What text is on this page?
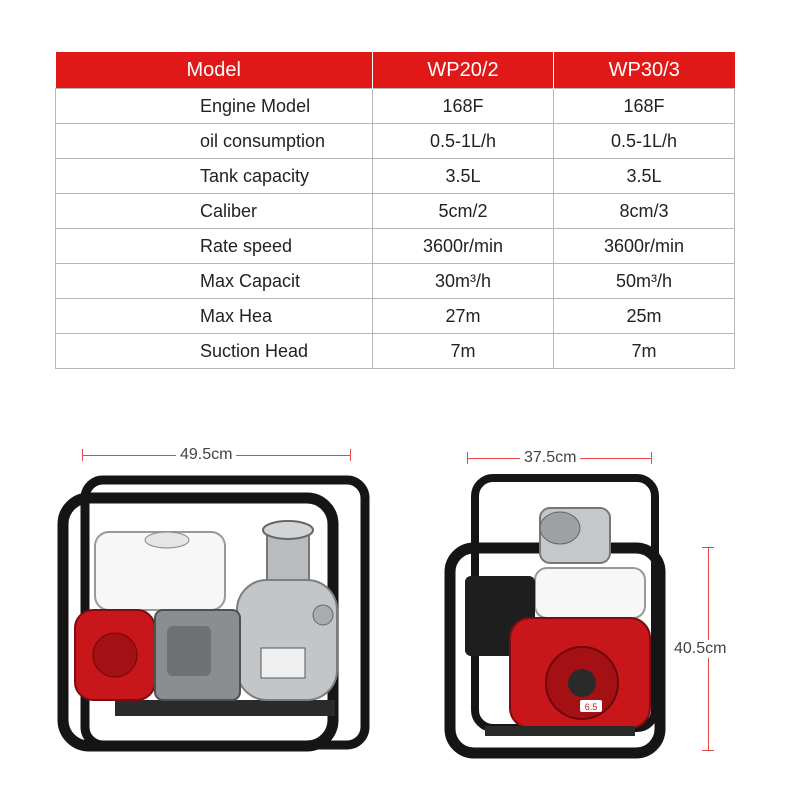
Model	WP20/2	WP30/3
Engine Model	168F	168F
oil consumption	0.5-1L/h	0.5-1L/h
Tank capacity	3.5L	3.5L
Caliber	5cm/2	8cm/3
Rate speed	3600r/min	3600r/min
Max Capacit	30m³/h	50m³/h
Max Hea	27m	25m
Suction Head	7m	7m
49.5cm	37.5cm
40.5cm
6.5
